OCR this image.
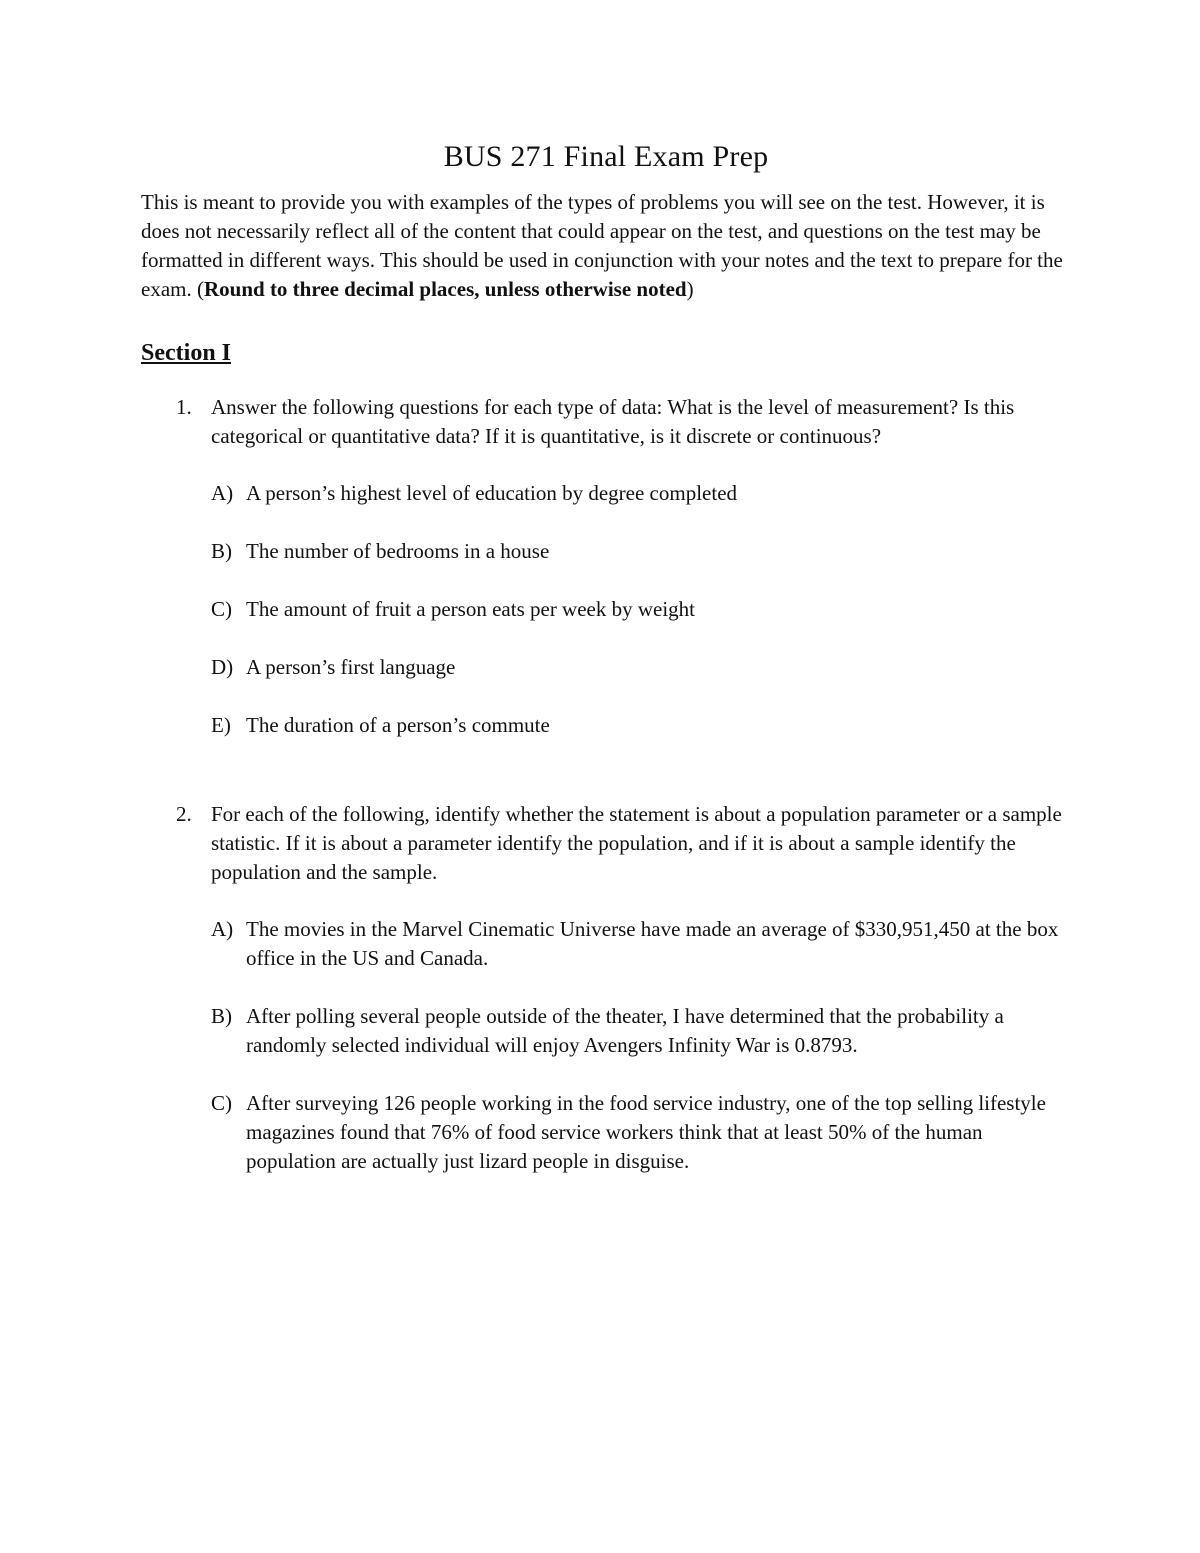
BUS 271 Final Exam Prep

This is meant to provide you with examples of the types of problems you will see on the test. However, it is does not necessarily reflect all of the content that could appear on the test, and questions on the test may be formatted in different ways. This should be used in conjunction with your notes and the text to prepare for the exam. (Round to three decimal places, unless otherwise noted)

Section I
1. Answer the following questions for each type of data: What is the level of measurement? Is this categorical or quantitative data? If it is quantitative, is it discrete or continuous?
A) A person’s highest level of education by degree completed
B) The number of bedrooms in a house
C) The amount of fruit a person eats per week by weight
D) A person’s first language
E) The duration of a person’s commute
2. For each of the following, identify whether the statement is about a population parameter or a sample statistic. If it is about a parameter identify the population, and if it is about a sample identify the population and the sample.
A) The movies in the Marvel Cinematic Universe have made an average of $330,951,450 at the box office in the US and Canada.
B) After polling several people outside of the theater, I have determined that the probability a randomly selected individual will enjoy Avengers Infinity War is 0.8793.
C) After surveying 126 people working in the food service industry, one of the top selling lifestyle magazines found that 76% of food service workers think that at least 50% of the human population are actually just lizard people in disguise.
